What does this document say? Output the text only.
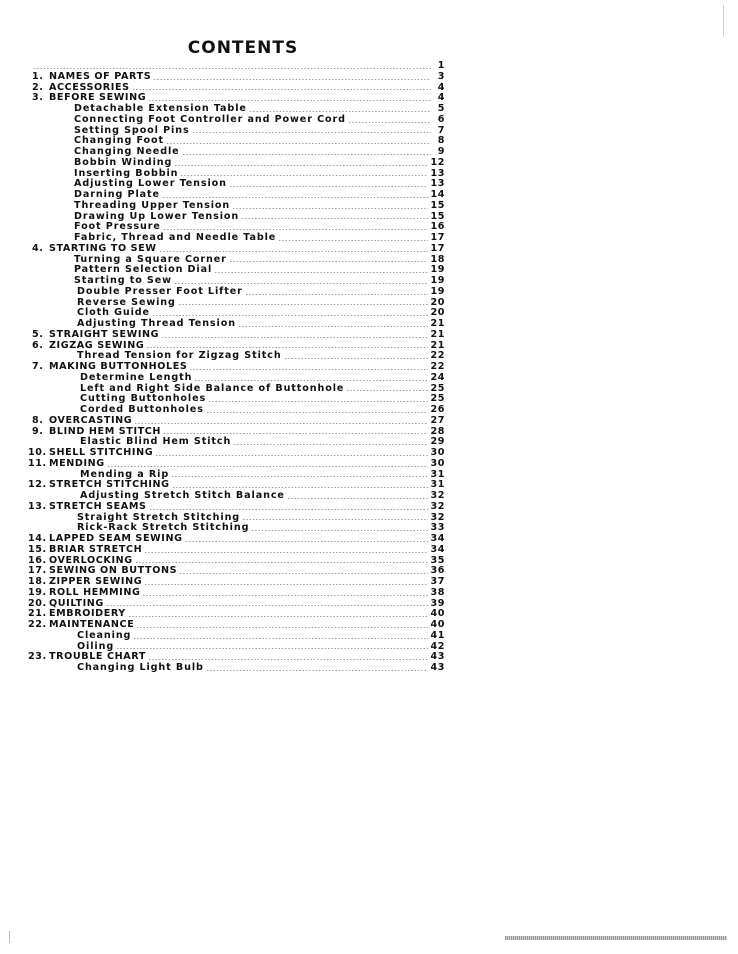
CONTENTS
1
1. NAMES OF PARTS	3
2. ACCESSORIES	4
3. BEFORE SEWING	4
Detachable Extension Table	5
Connecting Foot Controller and Power Cord	6
Setting Spool Pins	7
Changing Foot	8
Changing Needle	9
Bobbin Winding	12
Inserting Bobbin	13
Adjusting Lower Tension	13
Darning Plate	14
Threading Upper Tension	15
Drawing Up Lower Tension	15
Foot Pressure	16
Fabric, Thread and Needle Table	17
4. STARTING TO SEW	17
Turning a Square Corner	18
Pattern Selection Dial	19
Starting to Sew	19
Double Presser Foot Lifter	19
Reverse Sewing	20
Cloth Guide	20
Adjusting Thread Tension	21
5. STRAIGHT SEWING	21
6. ZIGZAG SEWING	21
Thread Tension for Zigzag Stitch	22
7. MAKING BUTTONHOLES	22
Determine Length	24
Left and Right Side Balance of Buttonhole	25
Cutting Buttonholes	25
Corded Buttonholes	26
8. OVERCASTING	27
9. BLIND HEM STITCH	28
Elastic Blind Hem Stitch	29
10. SHELL STITCHING	30
11. MENDING	30
Mending a Rip	31
12. STRETCH STITCHING	31
Adjusting Stretch Stitch Balance	32
13. STRETCH SEAMS	32
Straight Stretch Stitching	32
Rick-Rack Stretch Stitching	33
14. LAPPED SEAM SEWING	34
15. BRIAR STRETCH	34
16. OVERLOCKING	35
17. SEWING ON BUTTONS	36
18. ZIPPER SEWING	37
19. ROLL HEMMING	38
20. QUILTING	39
21. EMBROIDERY	40
22. MAINTENANCE	40
Cleaning	41
Oiling	42
23. TROUBLE CHART	43
Changing Light Bulb	43
